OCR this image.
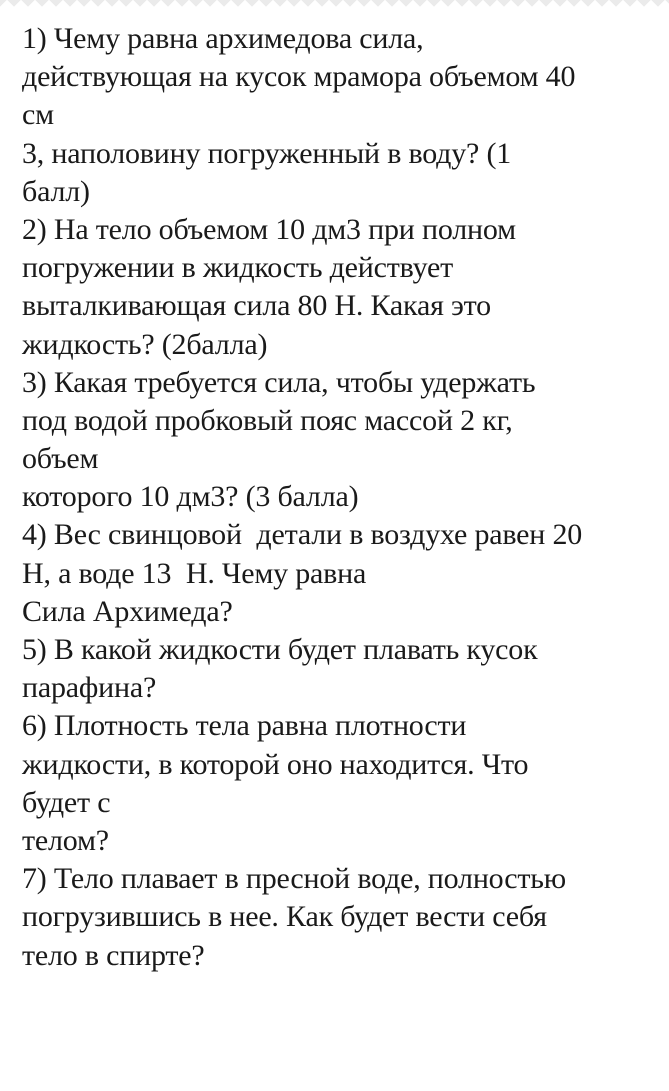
1) Чему равна архимедова сила,
действующая на кусок мрамора объемом 40
см
3, наполовину погруженный в воду? (1
балл)
2) На тело объемом 10 дм3 при полном
погружении в жидкость действует
выталкивающая сила 80 Н. Какая это
жидкость? (2балла)
3) Какая требуется сила, чтобы удержать
под водой пробковый пояс массой 2 кг,
объем
которого 10 дм3? (3 балла)
4) Вес свинцовой  детали в воздухе равен 20
Н, а воде 13  Н. Чему равна
Сила Архимеда?
5) В какой жидкости будет плавать кусок
парафина?
6) Плотность тела равна плотности
жидкости, в которой оно находится. Что
будет с
телом?
7) Тело плавает в пресной воде, полностью
погрузившись в нее. Как будет вести себя
тело в спирте?
